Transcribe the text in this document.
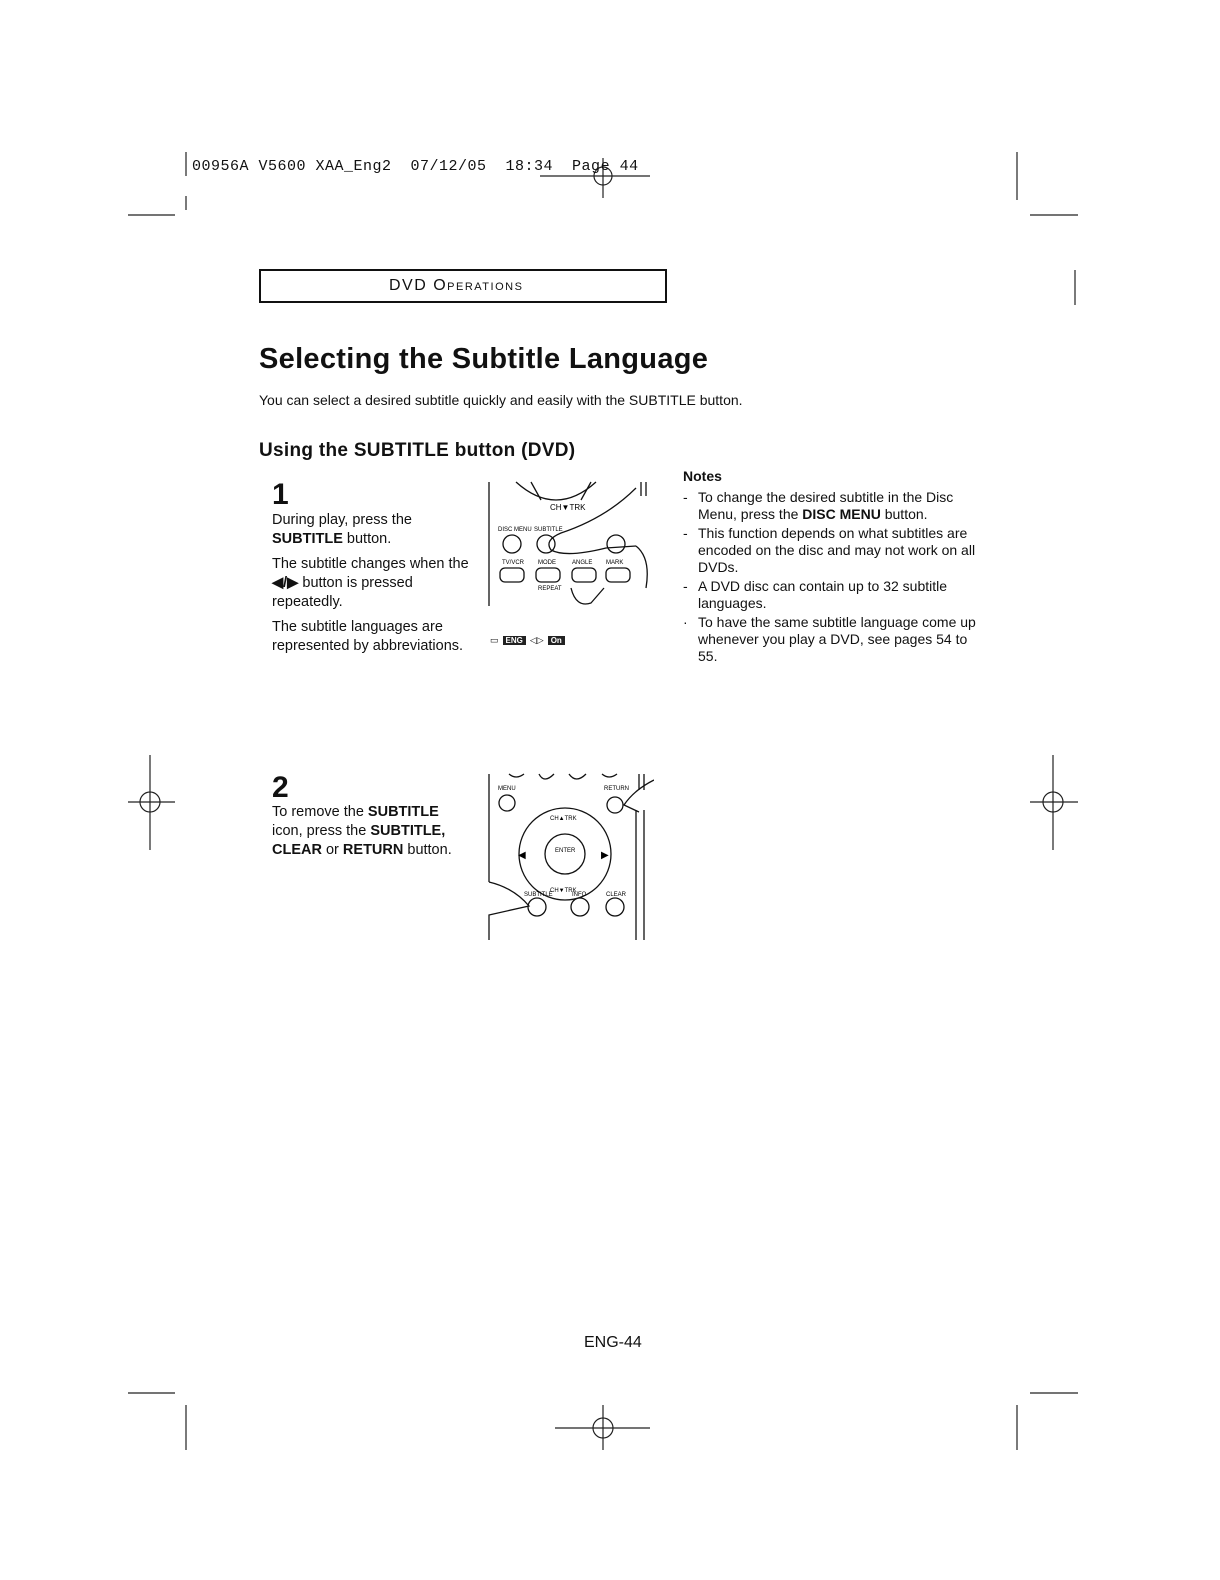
00956A V5600 XAA_Eng2  07/12/05  18:34  Page 44
DVD Operations
Selecting the Subtitle Language
You can select a desired subtitle quickly and easily with the SUBTITLE button.
Using the SUBTITLE button (DVD)
1

During play, press the SUBTITLE button.

The subtitle changes when the ◀/▶ button is pressed repeatedly.

The subtitle languages are represented by abbreviations.

CH▼TRK
DISC MENU SUBTITLE
TV/VCR MODE	ANGLE MARK
REPEAT
▭ ENG ◁▷ On
2
To remove the SUBTITLE icon, press the SUBTITLE, CLEAR or RETURN button.
MENU	RETURN
CH▲TRK
ENTER
CH▼TRK
SUBTITLE	INFO	CLEAR
◀	▶
Notes
- To change the desired subtitle in the Disc Menu, press the DISC MENU button.
- This function depends on what subtitles are encoded on the disc and may not work on all DVDs.
- A DVD disc can contain up to 32 subtitle languages.
· To have the same subtitle language come up whenever you play a DVD, see pages 54 to 55.
ENG-44
